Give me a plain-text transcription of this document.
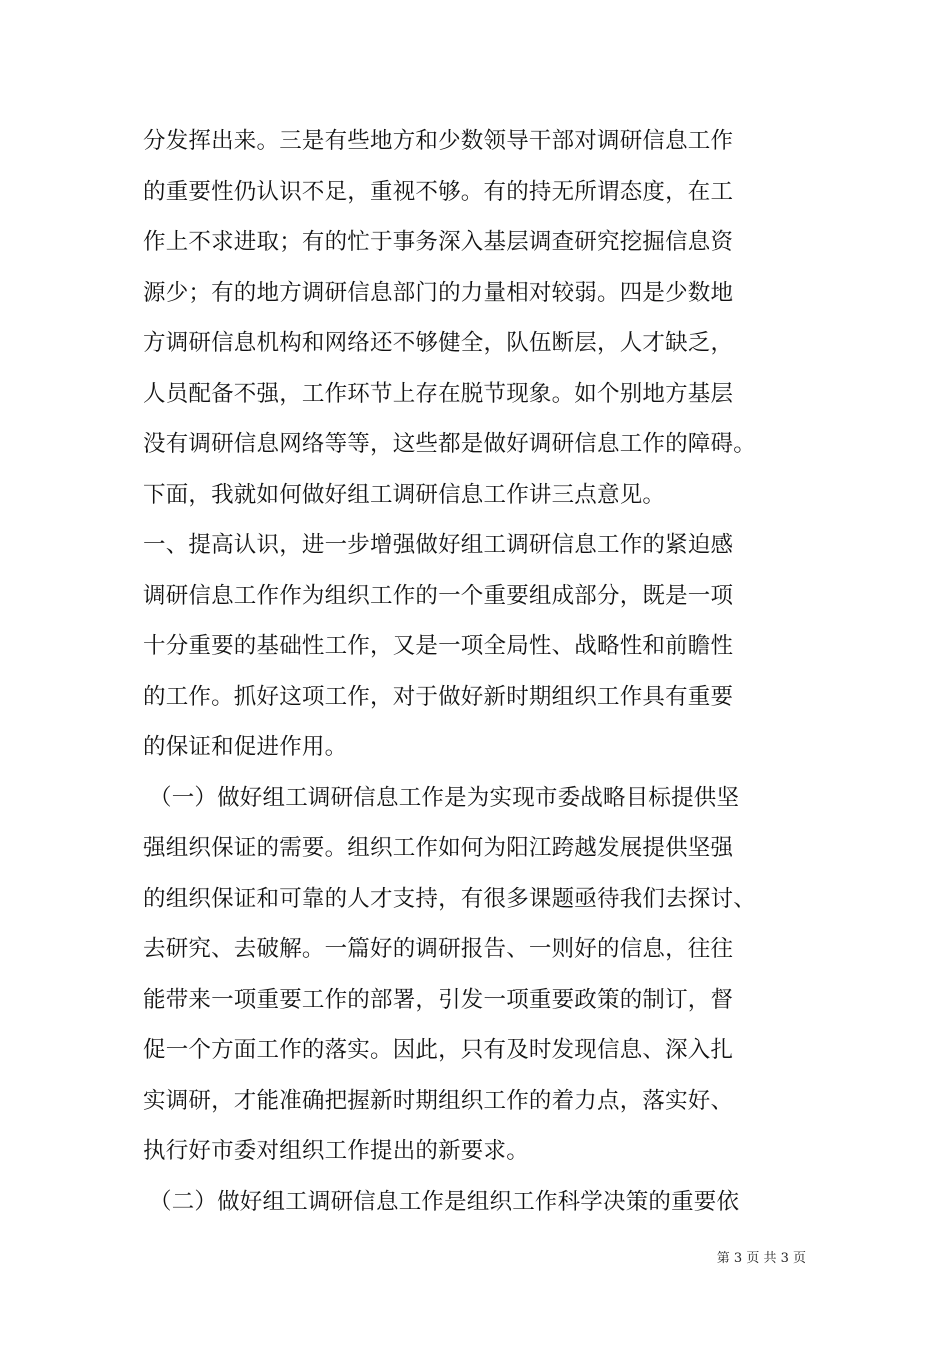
分发挥出来。三是有些地方和少数领导干部对调研信息工作
的重要性仍认识不足，重视不够。有的持无所谓态度，在工
作上不求进取；有的忙于事务深入基层调查研究挖掘信息资
源少；有的地方调研信息部门的力量相对较弱。四是少数地
方调研信息机构和网络还不够健全，队伍断层，人才缺乏，
人员配备不强，工作环节上存在脱节现象。如个别地方基层
没有调研信息网络等等，这些都是做好调研信息工作的障碍。
下面，我就如何做好组工调研信息工作讲三点意见。
一、提高认识，进一步增强做好组工调研信息工作的紧迫感
调研信息工作作为组织工作的一个重要组成部分，既是一项
十分重要的基础性工作，又是一项全局性、战略性和前瞻性
的工作。抓好这项工作，对于做好新时期组织工作具有重要
的保证和促进作用。
（一）做好组工调研信息工作是为实现市委战略目标提供坚
强组织保证的需要。组织工作如何为阳江跨越发展提供坚强
的组织保证和可靠的人才支持，有很多课题亟待我们去探讨、
去研究、去破解。一篇好的调研报告、一则好的信息，往往
能带来一项重要工作的部署，引发一项重要政策的制订，督
促一个方面工作的落实。因此，只有及时发现信息、深入扎
实调研，才能准确把握新时期组织工作的着力点，落实好、
执行好市委对组织工作提出的新要求。
（二）做好组工调研信息工作是组织工作科学决策的重要依
第 3 页 共 3 页
